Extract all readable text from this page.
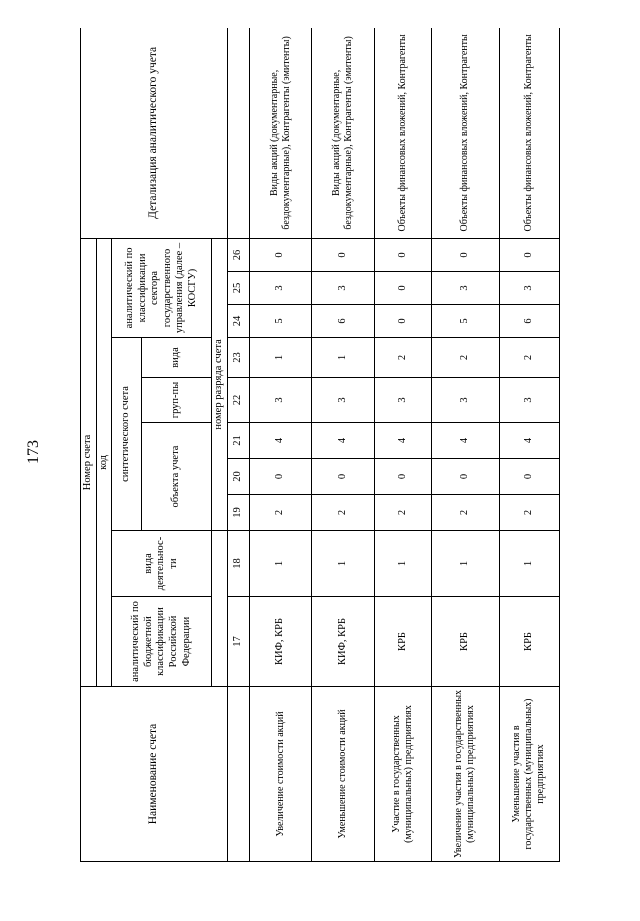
173
Наименование счета	Номер счета										Детализация аналитического учета
	код										
	аналитический по бюджетной классификации Российской Федерации	вида деятельнос-ти	синтетического счета					аналитический по классификации сектора государственного управления (далее – КОСГУ)			
			объекта учета			груп-пы	вида				
			номер разряда счета								
	17	18	19	20	21	22	23	24	25	26	
Увеличение стоимости акций	КИФ, КРБ	1	2	0	4	3	1	5	3	0	Виды акций (документарные, бездокументарные), Контрагенты (эмитенты)
Уменьшение стоимости акций	КИФ, КРБ	1	2	0	4	3	1	6	3	0	Виды акций (документарные, бездокументарные), Контрагенты (эмитенты)
Участие в государственных (муниципальных) предприятиях	КРБ	1	2	0	4	3	2	0	0	0	Объекты финансовых вложений, Контрагенты
Увеличение участия в государственных (муниципальных) предприятиях	КРБ	1	2	0	4	3	2	5	3	0	Объекты финансовых вложений, Контрагенты
Уменьшение участия в государственных (муниципальных) предприятиях	КРБ	1	2	0	4	3	2	6	3	0	Объекты финансовых вложений, Контрагенты
